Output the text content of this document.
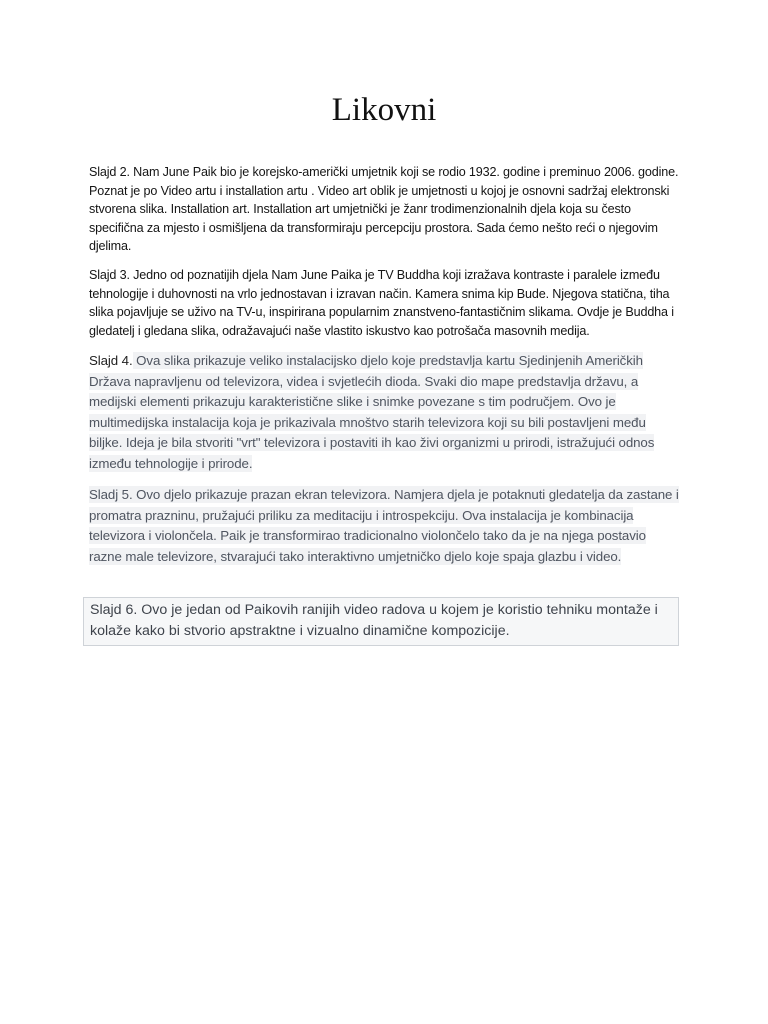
Likovni

Slajd 2. Nam June Paik bio je korejsko-američki umjetnik koji se rodio 1932. godine i preminuo 2006. godine. Poznat je po Video artu i installation artu . Video art oblik je umjetnosti u kojoj je osnovni sadržaj elektronski stvorena slika. Installation art. Installation art umjetnički je žanr trodimenzionalnih djela koja su često specifična za mjesto i osmišljena da transformiraju percepciju prostora. Sada ćemo nešto reći o njegovim djelima.

Slajd 3. Jedno od poznatijih djela Nam June Paika je TV Buddha koji izražava kontraste i paralele između tehnologije i duhovnosti na vrlo jednostavan i izravan način. Kamera snima kip Bude. Njegova statična, tiha slika pojavljuje se uživo na TV-u, inspirirana popularnim znanstveno-fantastičnim slikama. Ovdje je Buddha i gledatelj i gledana slika, odražavajući naše vlastito iskustvo kao potrošača masovnih medija.

Slajd 4. Ova slika prikazuje veliko instalacijsko djelo koje predstavlja kartu Sjedinjenih Američkih Država napravljenu od televizora, videa i svjetlećih dioda. Svaki dio mape predstavlja državu, a medijski elementi prikazuju karakteristične slike i snimke povezane s tim područjem. Ovo je multimedijska instalacija koja je prikazivala mnoštvo starih televizora koji su bili postavljeni među biljke. Ideja je bila stvoriti "vrt" televizora i postaviti ih kao živi organizmi u prirodi, istražujući odnos između tehnologije i prirode.

Sladj 5. Ovo djelo prikazuje prazan ekran televizora. Namjera djela je potaknuti gledatelja da zastane i promatra prazninu, pružajući priliku za meditaciju i introspekciju. Ova instalacija je kombinacija televizora i violončela. Paik je transformirao tradicionalno violončelo tako da je na njega postavio razne male televizore, stvarajući tako interaktivno umjetničko djelo koje spaja glazbu i video.

Slajd 6. Ovo je jedan od Paikovih ranijih video radova u kojem je koristio tehniku montaže i kolaže kako bi stvorio apstraktne i vizualno dinamične kompozicije.
